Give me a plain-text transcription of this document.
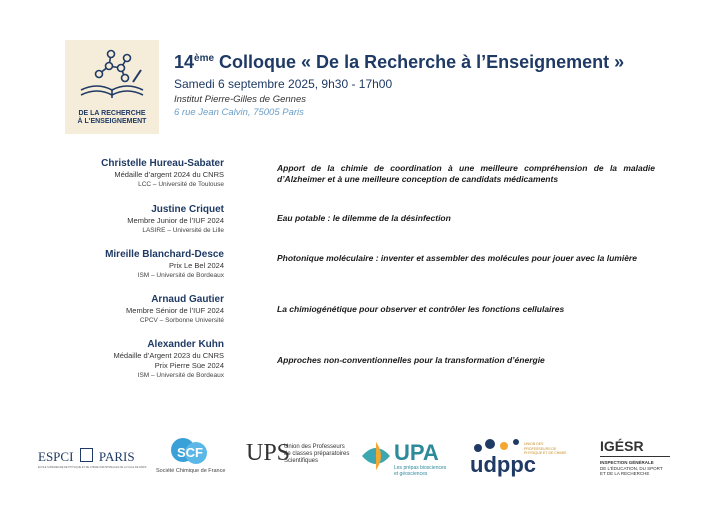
DE LA RECHERCHE
À L'ENSEIGNEMENT
14ème Colloque « De la Recherche à l’Enseignement »
Samedi 6 septembre 2025, 9h30 - 17h00
Institut Pierre-Gilles de Gennes
6 rue Jean Calvin, 75005 Paris
Christelle Hureau-Sabater
Médaille d’argent 2024 du CNRS
LCC – Université de Toulouse
Apport de la chimie de coordination à une meilleure compréhension de la maladie d’Alzheimer et à une meilleure conception de candidats médicaments
Justine Criquet
Membre Junior de l’IUF 2024
LASIRE – Université de Lille
Eau potable : le dilemme de la désinfection
Mireille Blanchard-Desce
Prix Le Bel 2024
ISM – Université de Bordeaux
Photonique moléculaire : inventer et assembler des molécules pour jouer avec la lumière
Arnaud Gautier
Membre Sénior de l’IUF 2024
CPCV – Sorbonne Université
La chimiogénétique pour observer et contrôler les fonctions cellulaires
Alexander Kuhn
Médaille d’Argent 2023 du CNRS
Prix Pierre Süe 2024
ISM – Université de Bordeaux
Approches non-conventionnelles pour la transformation d’énergie
ESPCI PARIS
ÉCOLE SUPÉRIEURE DE PHYSIQUE ET DE CHIMIE INDUSTRIELLES DE LA VILLE DE PARIS
SCF
Société Chimique de France
UPS
Union des Professeurs
de classes préparatoires
Scientifiques	UPA
Les prépas biosciences
et géosciences	udppc
UNION DES
PROFESSEURS DE
PHYSIQUE ET DE CHIMIE IGÉSR
INSPECTION GÉNÉRALE
DE L’ÉDUCATION, DU SPORT
ET DE LA RECHERCHE
